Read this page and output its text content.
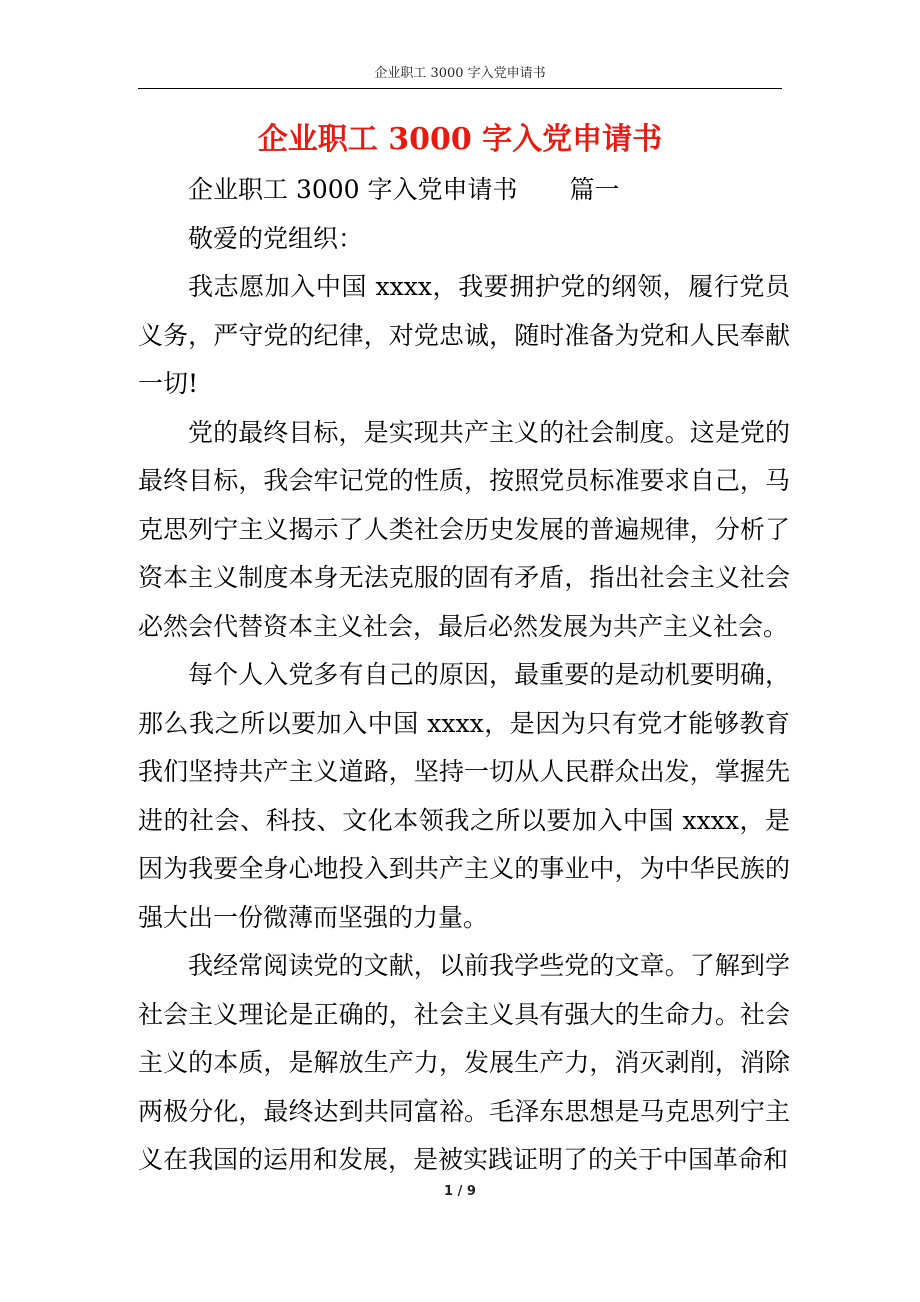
企业职工 3000 字入党申请书
企业职工 3000 字入党申请书

企业职工 3000 字入党申请书 篇一

敬爱的党组织：

我志愿加入中国 xxxx，我要拥护党的纲领，履行党员义务，严守党的纪律，对党忠诚，随时准备为党和人民奉献一切!

党的最终目标，是实现共产主义的社会制度。这是党的最终目标，我会牢记党的性质，按照党员标准要求自己，马克思列宁主义揭示了人类社会历史发展的普遍规律，分析了资本主义制度本身无法克服的固有矛盾，指出社会主义社会必然会代替资本主义社会，最后必然发展为共产主义社会。

每个人入党多有自己的原因，最重要的是动机要明确，那么我之所以要加入中国 xxxx，是因为只有党才能够教育我们坚持共产主义道路，坚持一切从人民群众出发，掌握先进的社会、科技、文化本领我之所以要加入中国 xxxx，是因为我要全身心地投入到共产主义的事业中，为中华民族的强大出一份微薄而坚强的力量。

我经常阅读党的文献，以前我学些党的文章。了解到学社会主义理论是正确的，社会主义具有强大的生命力。社会主义的本质，是解放生产力，发展生产力，消灭剥削，消除两极分化，最终达到共同富裕。毛泽东思想是马克思列宁主义在我国的运用和发展，是被实践证明了的关于中国革命和

1 / 9
